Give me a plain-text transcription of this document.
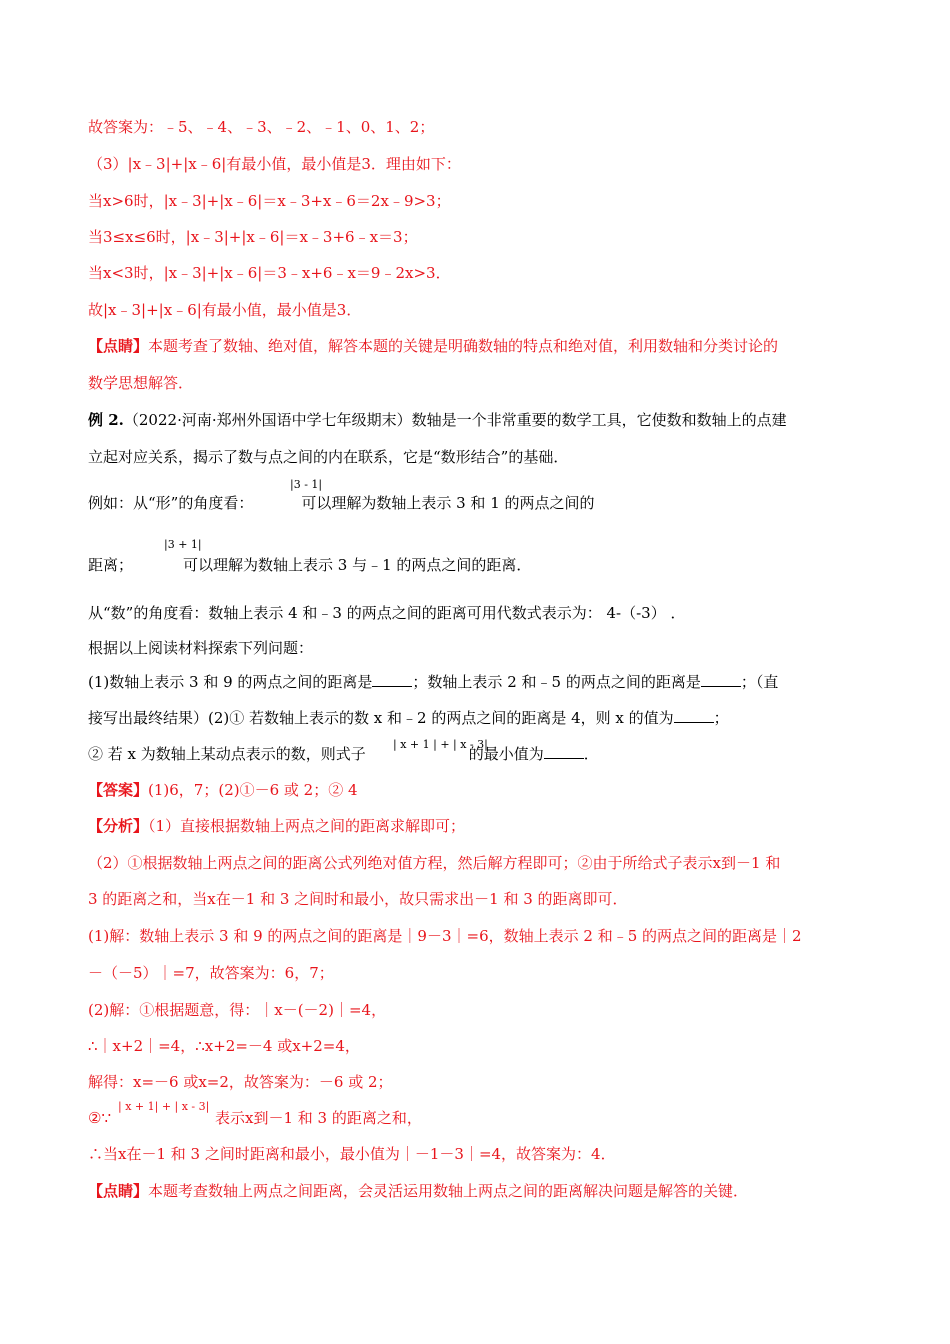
故答案为：﹣5、﹣4、﹣3、﹣2、﹣1、0、1、2；
（3）|x﹣3|+|x﹣6|有最小值，最小值是3．理由如下：
当x>6时，|x﹣3|+|x﹣6|＝x﹣3+x﹣6＝2x﹣9>3；
当3≤x≤6时，|x﹣3|+|x﹣6|＝x﹣3+6﹣x＝3；
当x<3时，|x﹣3|+|x﹣6|＝3﹣x+6﹣x＝9﹣2x>3．
故|x﹣3|+|x﹣6|有最小值，最小值是3．
【点睛】本题考查了数轴、绝对值，解答本题的关键是明确数轴的特点和绝对值，利用数轴和分类讨论的
数学思想解答．
例 2.（2022·河南·郑州外国语中学七年级期末）数轴是一个非常重要的数学工具，它使数和数轴上的点建
立起对应关系，揭示了数与点之间的内在联系，它是“数形结合”的基础．
|3 - 1|
例如：从“形”的角度看：	可以理解为数轴上表示 3 和 1 的两点之间的
|3 + 1|
距离；	可以理解为数轴上表示 3 与﹣1 的两点之间的距离．
从“数”的角度看：数轴上表示 4 和﹣3 的两点之间的距离可用代数式表示为： 4-（-3） ．
根据以上阅读材料探索下列问题：
(1)数轴上表示 3 和 9 的两点之间的距离是	；数轴上表示 2 和﹣5 的两点之间的距离是	；（直
接写出最终结果）(2)① 若数轴上表示的数 x 和﹣2 的两点之间的距离是 4，则 x 的值为	；
| x + 1 | + | x - 3|
② 若 x 为数轴上某动点表示的数，则式子	的最小值为	．
【答案】(1)6，7；(2)①－6 或 2；② 4
【分析】（1）直接根据数轴上两点之间的距离求解即可；
（2）①根据数轴上两点之间的距离公式列绝对值方程，然后解方程即可；②由于所给式子表示x到－1 和
3 的距离之和，当x在－1 和 3 之间时和最小，故只需求出－1 和 3 的距离即可．
(1)解：数轴上表示 3 和 9 的两点之间的距离是｜9－3｜=6，数轴上表示 2 和﹣5 的两点之间的距离是｜2
－（－5）｜=7，故答案为：6，7；
(2)解：①根据题意，得：｜x－(－2)｜=4，
∴｜x+2｜=4，∴x+2=－4 或x+2=4，
解得：x=－6 或x=2，故答案为：－6 或 2；
| x + 1| + | x - 3|
②∵	表示x到－1 和 3 的距离之和，
∴当x在－1 和 3 之间时距离和最小，最小值为｜－1－3｜=4，故答案为：4．
【点睛】本题考查数轴上两点之间距离，会灵活运用数轴上两点之间的距离解决问题是解答的关键．
